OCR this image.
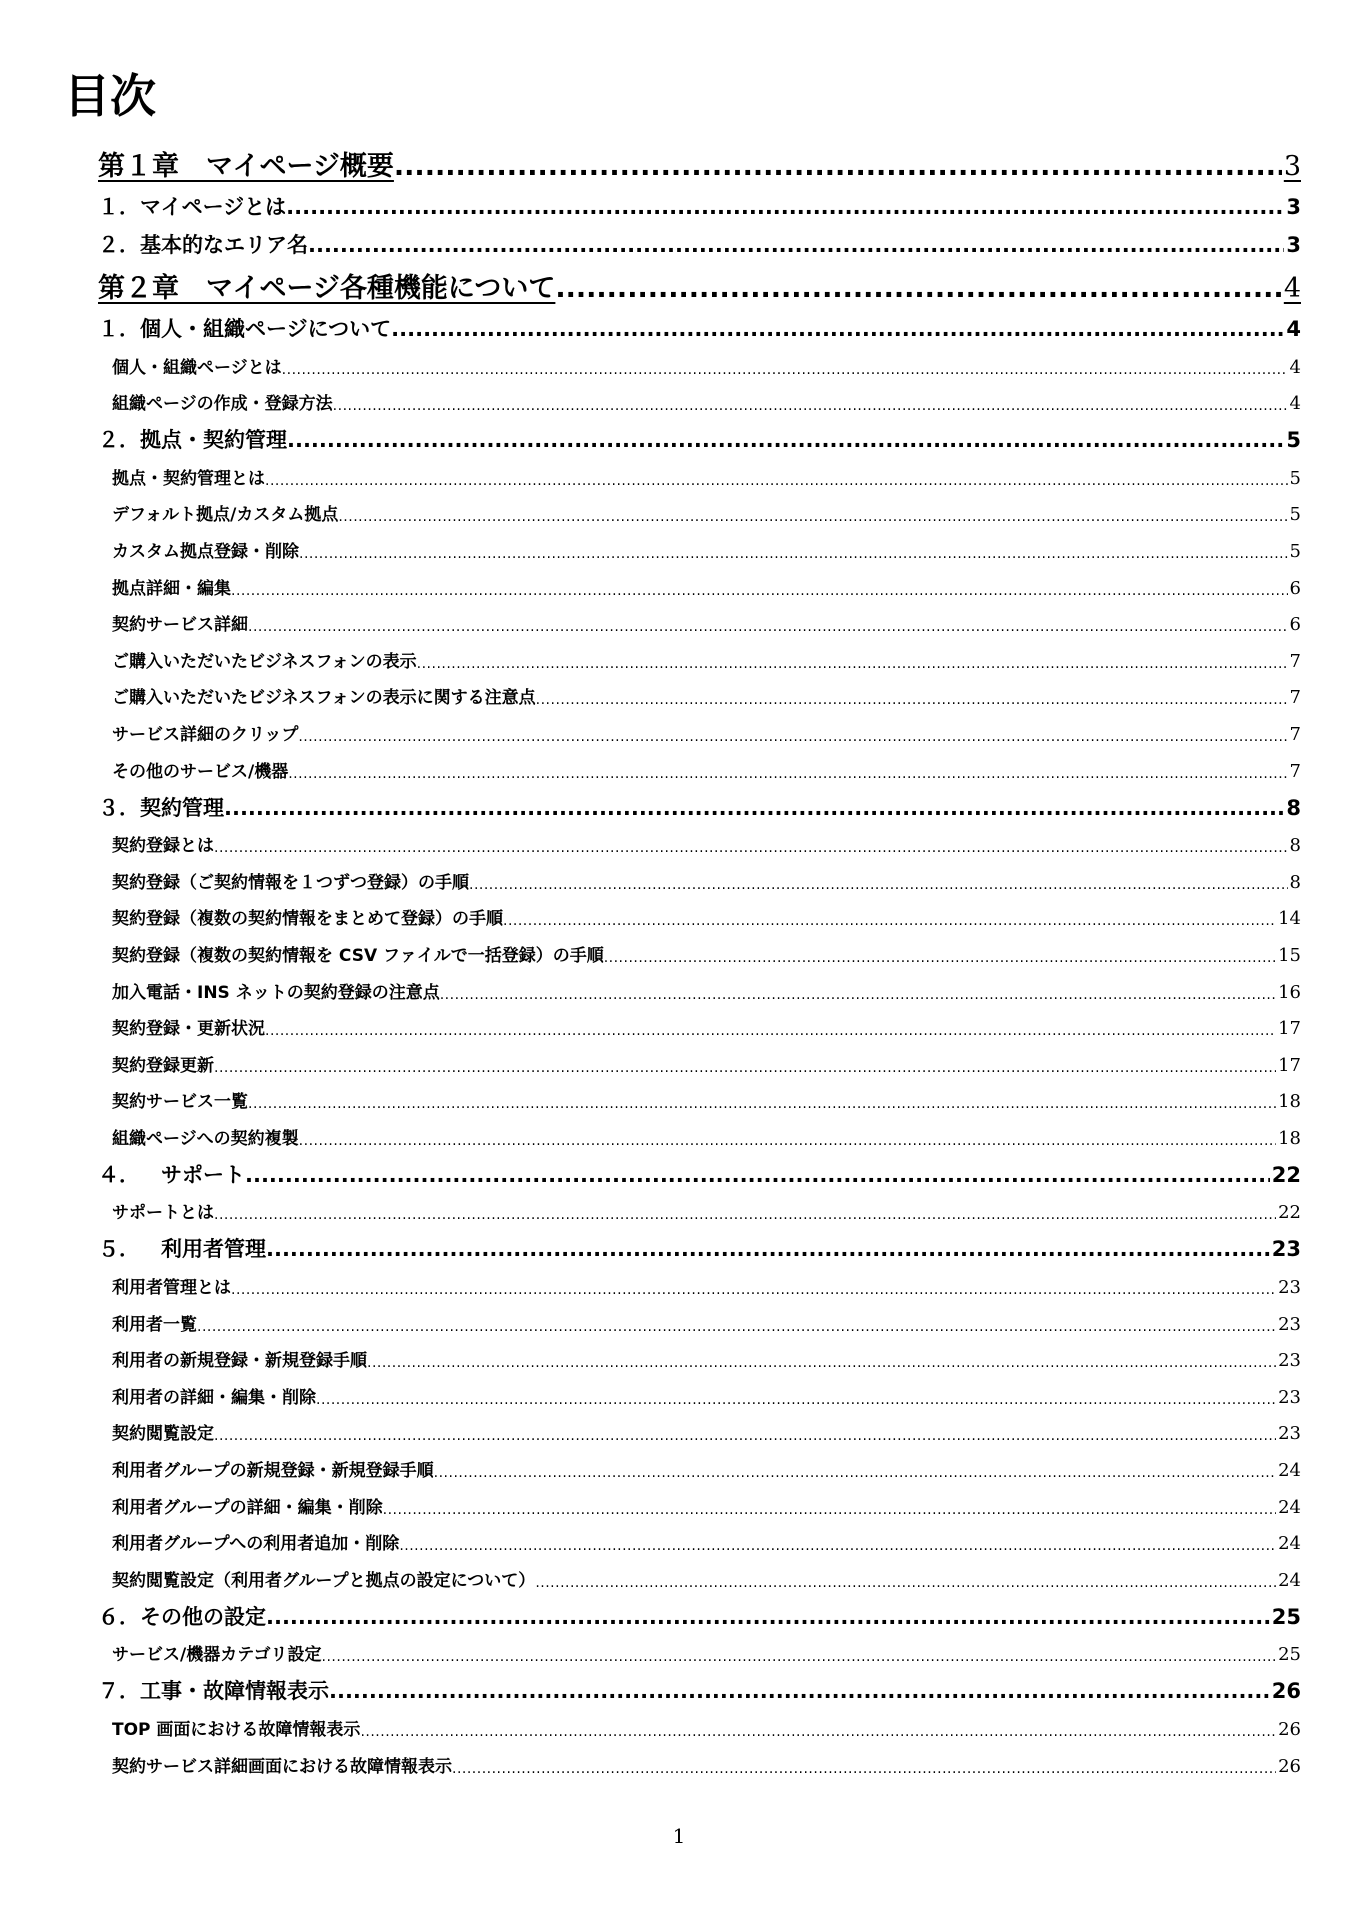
目次
第１章　マイページ概要 .....	3
１．マイページとは .....	3
２．基本的なエリア名 .....	3
第２章　マイページ各種機能について .....	4
１．個人・組織ページについて .....	4
個人・組織ページとは .....	4
組織ページの作成・登録方法 .....	4
２．拠点・契約管理 .....	5
拠点・契約管理とは .....	5
デフォルト拠点/カスタム拠点 .....	5
カスタム拠点登録・削除 .....	5
拠点詳細・編集 .....	6
契約サービス詳細 .....	6
ご購入いただいたビジネスフォンの表示 .....	7
ご購入いただいたビジネスフォンの表示に関する注意点 .....	7
サービス詳細のクリップ .....	7
その他のサービス/機器 .....	7
３．契約管理 .....	8
契約登録とは .....	8
契約登録（ご契約情報を１つずつ登録）の手順 .....	8
契約登録（複数の契約情報をまとめて登録）の手順 .....	14
契約登録（複数の契約情報を CSV ファイルで一括登録）の手順 .....	15
加入電話・INS ネットの契約登録の注意点 .....	16
契約登録・更新状況 .....	17
契約登録更新 .....	17
契約サービス一覧 .....	18
組織ページへの契約複製 .....	18
４．　サポート .....	22
サポートとは .....	22
５．　利用者管理 .....	23
利用者管理とは .....	23
利用者一覧 .....	23
利用者の新規登録・新規登録手順 .....	23
利用者の詳細・編集・削除 .....	23
契約閲覧設定 .....	23
利用者グループの新規登録・新規登録手順 .....	24
利用者グループの詳細・編集・削除 .....	24
利用者グループへの利用者追加・削除 .....	24
契約閲覧設定（利用者グループと拠点の設定について） .....	24
６．その他の設定 .....	25
サービス/機器カテゴリ設定 .....	25
７．工事・故障情報表示 .....	26
TOP 画面における故障情報表示 .....	26
契約サービス詳細画面における故障情報表示 .....	26
1
